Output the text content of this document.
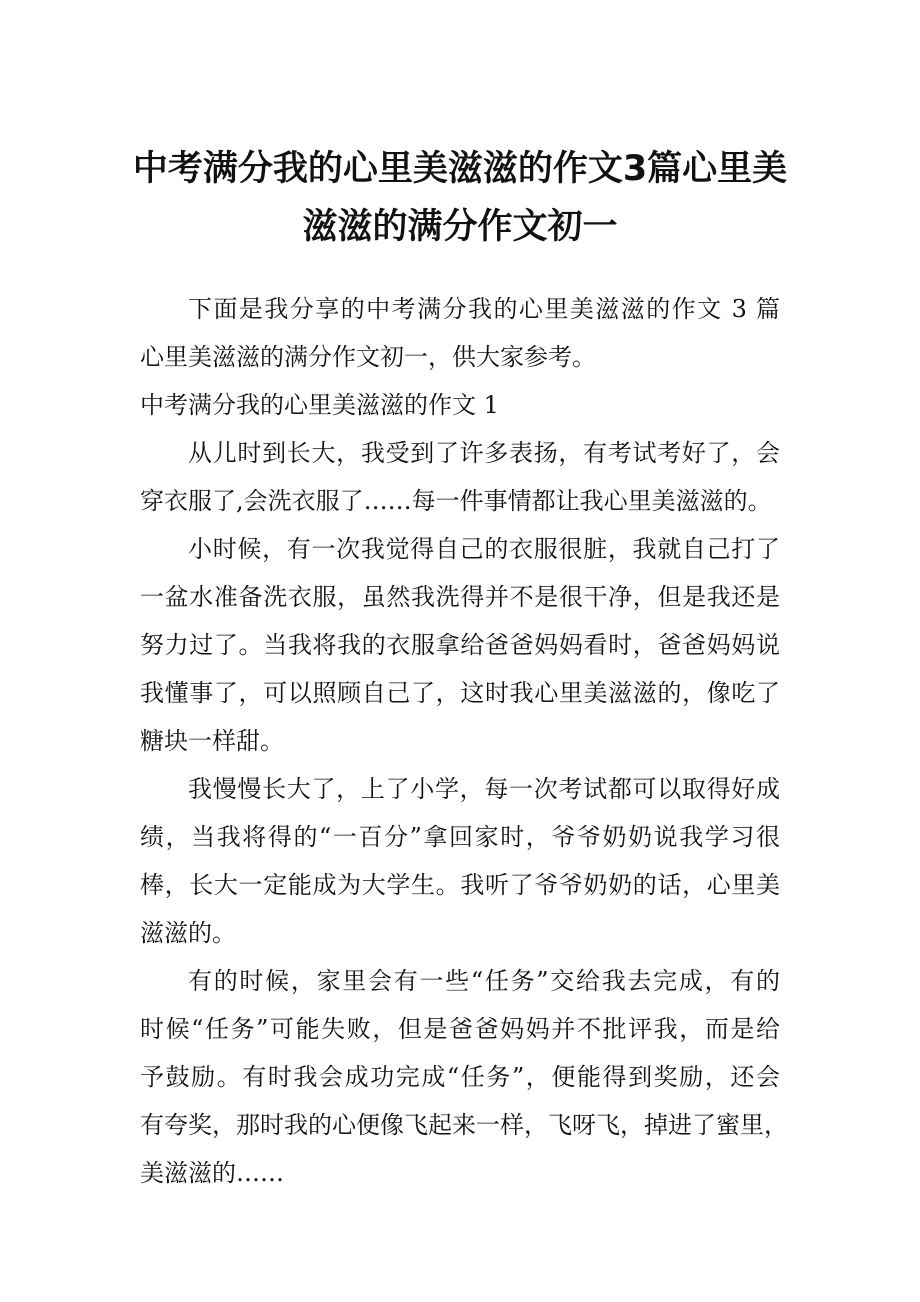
中考满分我的心里美滋滋的作文3篇心里美
滋滋的满分作文初一
下面是我分享的中考满分我的心里美滋滋的作文 3 篇
心里美滋滋的满分作文初一，供大家参考。
中考满分我的心里美滋滋的作文 1
从儿时到长大，我受到了许多表扬，有考试考好了，会
穿衣服了,会洗衣服了……每一件事情都让我心里美滋滋的。
小时候，有一次我觉得自己的衣服很脏，我就自己打了
一盆水准备洗衣服，虽然我洗得并不是很干净，但是我还是
努力过了。当我将我的衣服拿给爸爸妈妈看时，爸爸妈妈说
我懂事了，可以照顾自己了，这时我心里美滋滋的，像吃了
糖块一样甜。
我慢慢长大了，上了小学，每一次考试都可以取得好成
绩，当我将得的“一百分”拿回家时，爷爷奶奶说我学习很
棒，长大一定能成为大学生。我听了爷爷奶奶的话，心里美
滋滋的。
有的时候，家里会有一些“任务”交给我去完成，有的
时候“任务”可能失败，但是爸爸妈妈并不批评我，而是给
予鼓励。有时我会成功完成“任务”，便能得到奖励，还会
有夸奖，那时我的心便像飞起来一样，飞呀飞，掉进了蜜里，
美滋滋的……
